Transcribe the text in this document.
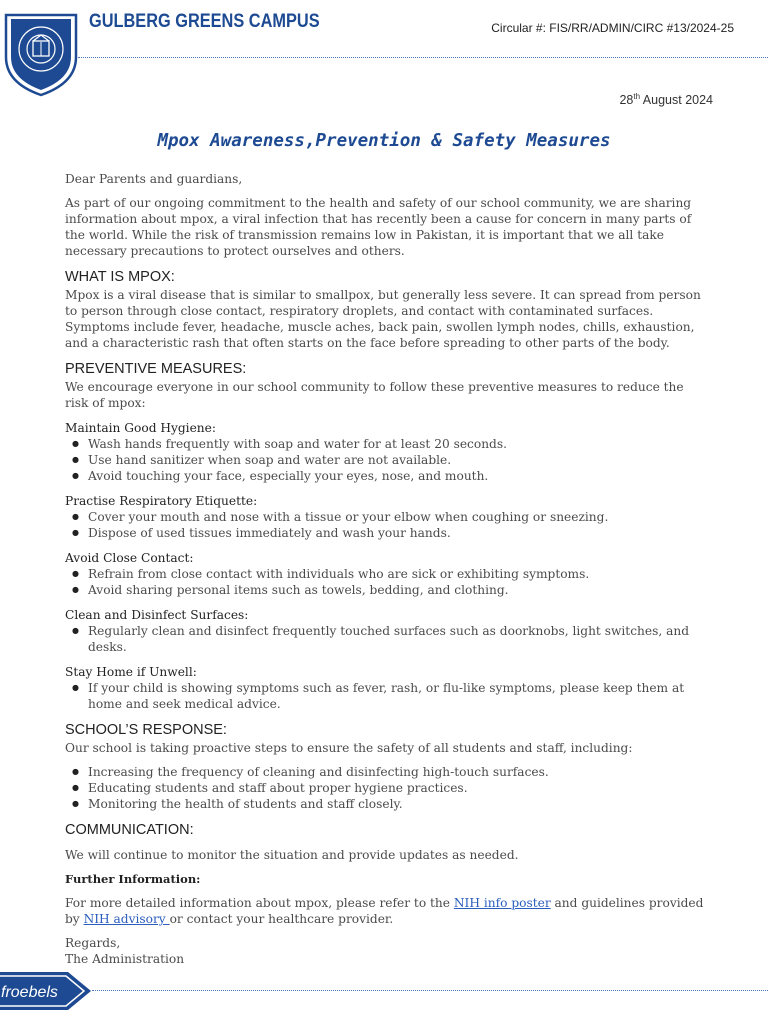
GULBERG GREENS CAMPUS	Circular #: FIS/RR/ADMIN/CIRC #13/2024-25
28th August 2024
Mpox Awareness,Prevention & Safety Measures

Dear Parents and guardians,

As part of our ongoing commitment to the health and safety of our school community, we are sharing information about mpox, a viral infection that has recently been a cause for concern in many parts of the world. While the risk of transmission remains low in Pakistan, it is important that we all take necessary precautions to protect ourselves and others.

WHAT IS MPOX:

Mpox is a viral disease that is similar to smallpox, but generally less severe. It can spread from person to person through close contact, respiratory droplets, and contact with contaminated surfaces. Symptoms include fever, headache, muscle aches, back pain, swollen lymph nodes, chills, exhaustion, and a characteristic rash that often starts on the face before spreading to other parts of the body.

PREVENTIVE MEASURES:

We encourage everyone in our school community to follow these preventive measures to reduce the risk of mpox:

Maintain Good Hygiene:

● Wash hands frequently with soap and water for at least 20 seconds.
● Use hand sanitizer when soap and water are not available.
● Avoid touching your face, especially your eyes, nose, and mouth.

Practise Respiratory Etiquette:

● Cover your mouth and nose with a tissue or your elbow when coughing or sneezing.
● Dispose of used tissues immediately and wash your hands.

Avoid Close Contact:

● Refrain from close contact with individuals who are sick or exhibiting symptoms.
● Avoid sharing personal items such as towels, bedding, and clothing.

Clean and Disinfect Surfaces:

● Regularly clean and disinfect frequently touched surfaces such as doorknobs, light switches, and desks.

Stay Home if Unwell:

● If your child is showing symptoms such as fever, rash, or flu-like symptoms, please keep them at home and seek medical advice.
SCHOOL’S RESPONSE:

Our school is taking proactive steps to ensure the safety of all students and staff, including:

● Increasing the frequency of cleaning and disinfecting high-touch surfaces.
● Educating students and staff about proper hygiene practices.
● Monitoring the health of students and staff closely.
COMMUNICATION:

We will continue to monitor the situation and provide updates as needed.

Further Information:

For more detailed information about mpox, please refer to the NIH info poster and guidelines provided by NIH advisory or contact your healthcare provider.

Regards,

The Administration

froebels
